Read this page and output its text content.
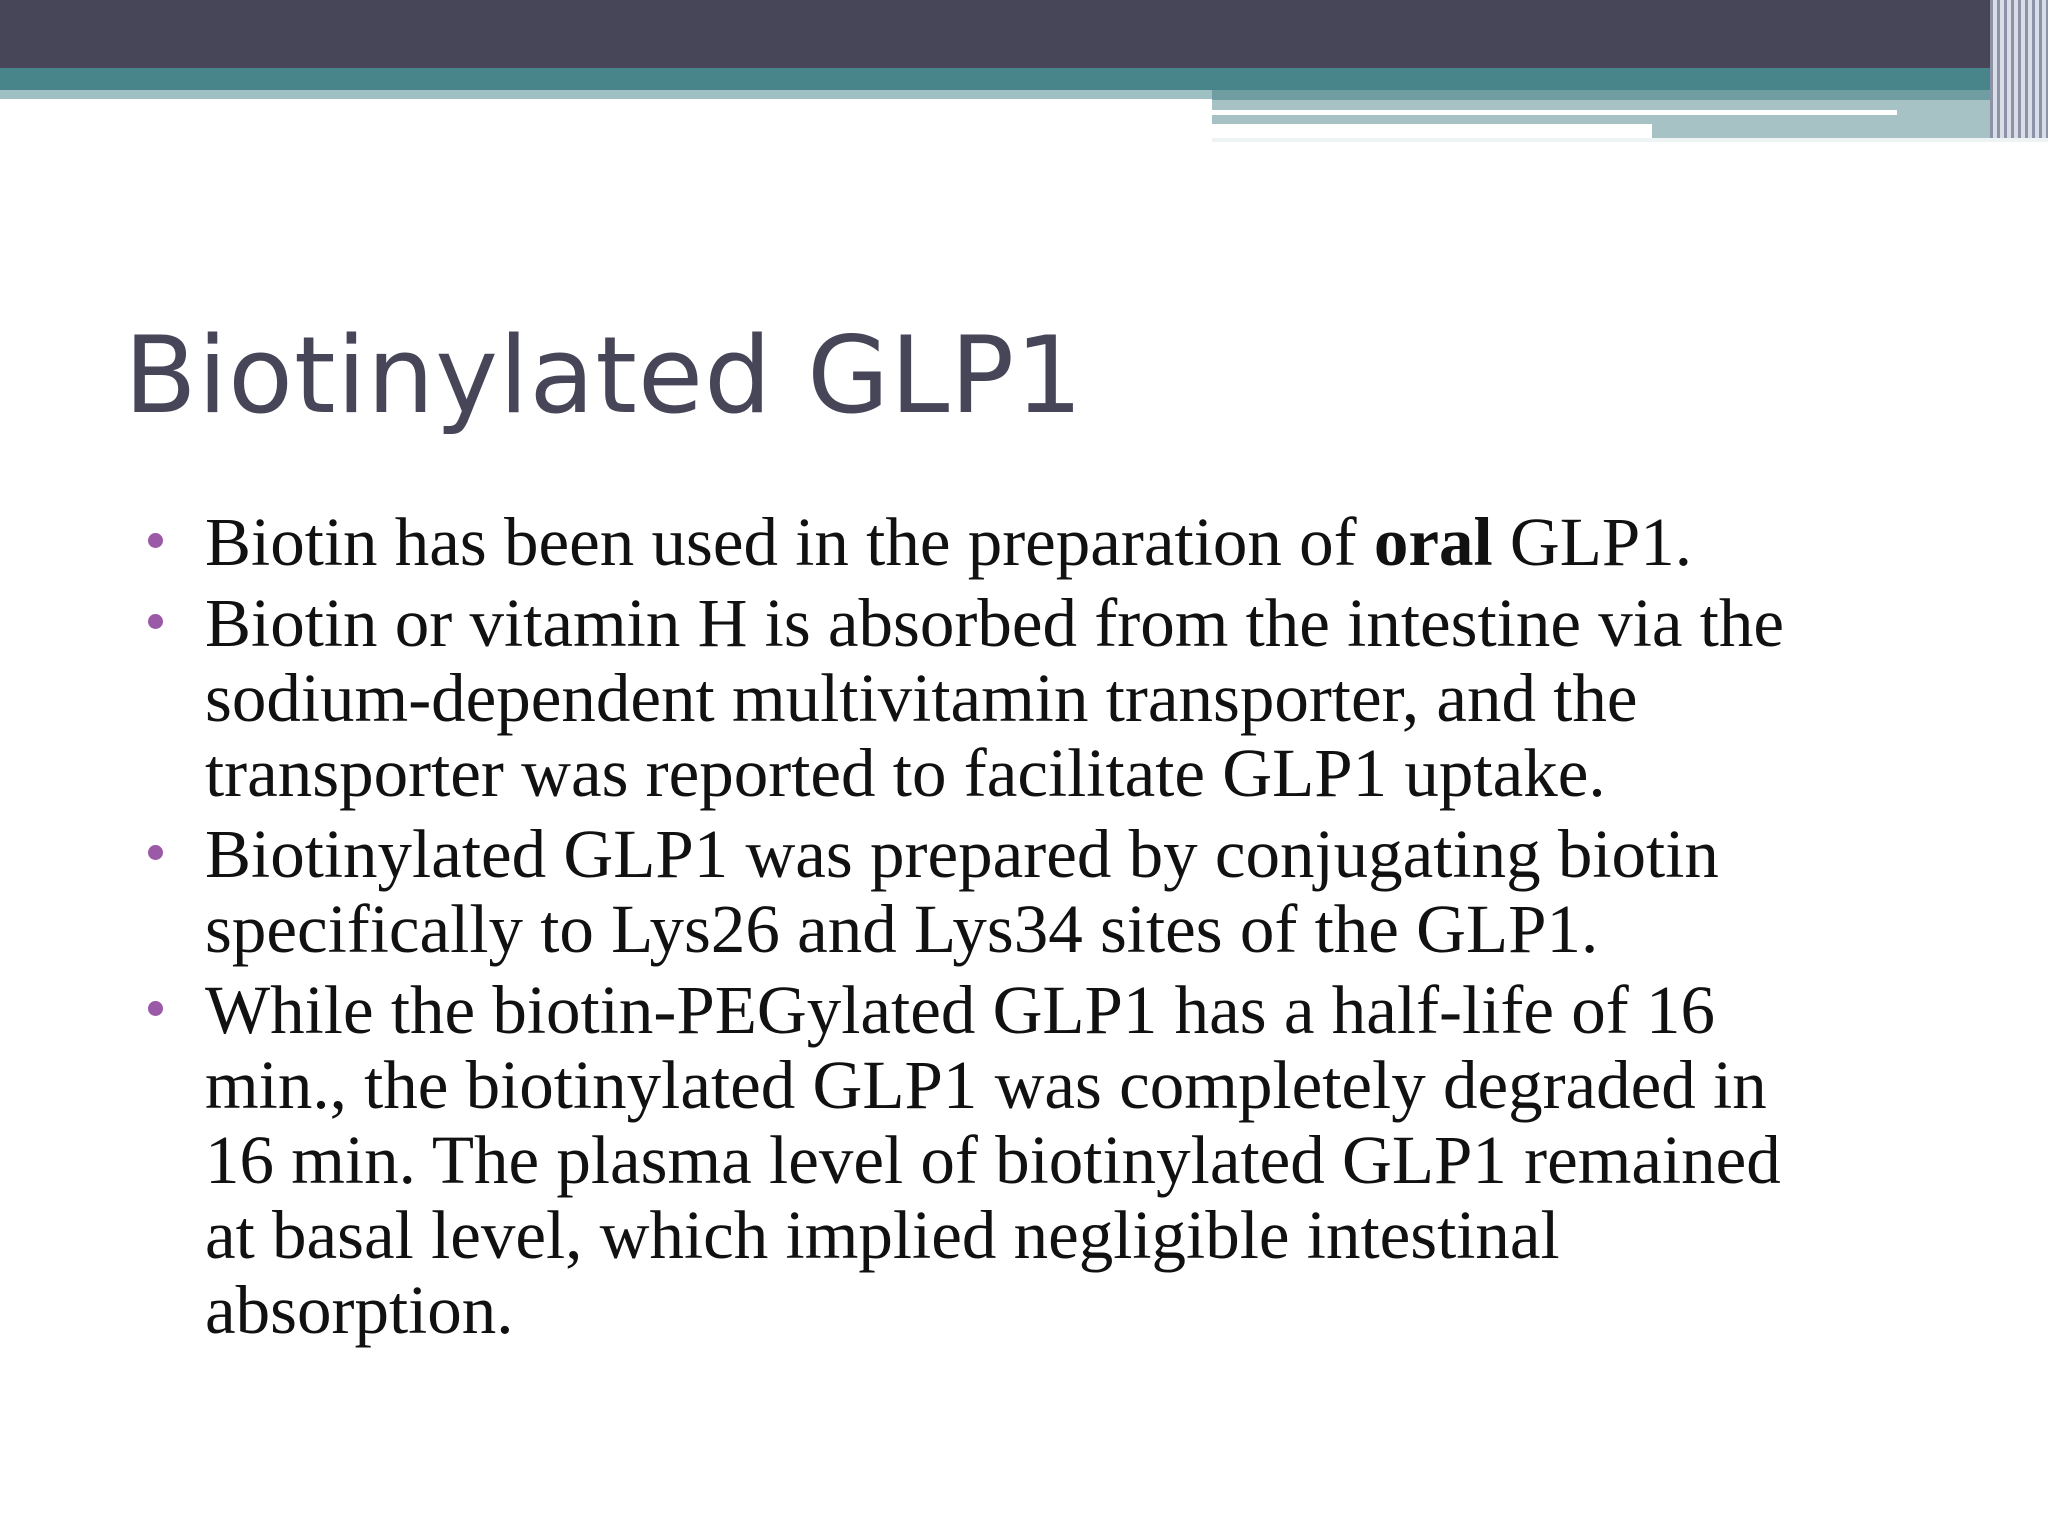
Biotinylated GLP1
Biotin has been used in the preparation of oral GLP1.
Biotin or vitamin H is absorbed from the intestine via the
sodium-dependent multivitamin transporter, and the
transporter was reported to facilitate GLP1 uptake.
Biotinylated GLP1 was prepared by conjugating biotin
specifically to Lys26 and Lys34 sites of the GLP1.
While the biotin-PEGylated GLP1 has a half-life of 16
min., the biotinylated GLP1 was completely degraded in
16 min. The plasma level of biotinylated GLP1 remained
at basal level, which implied negligible intestinal
absorption.
